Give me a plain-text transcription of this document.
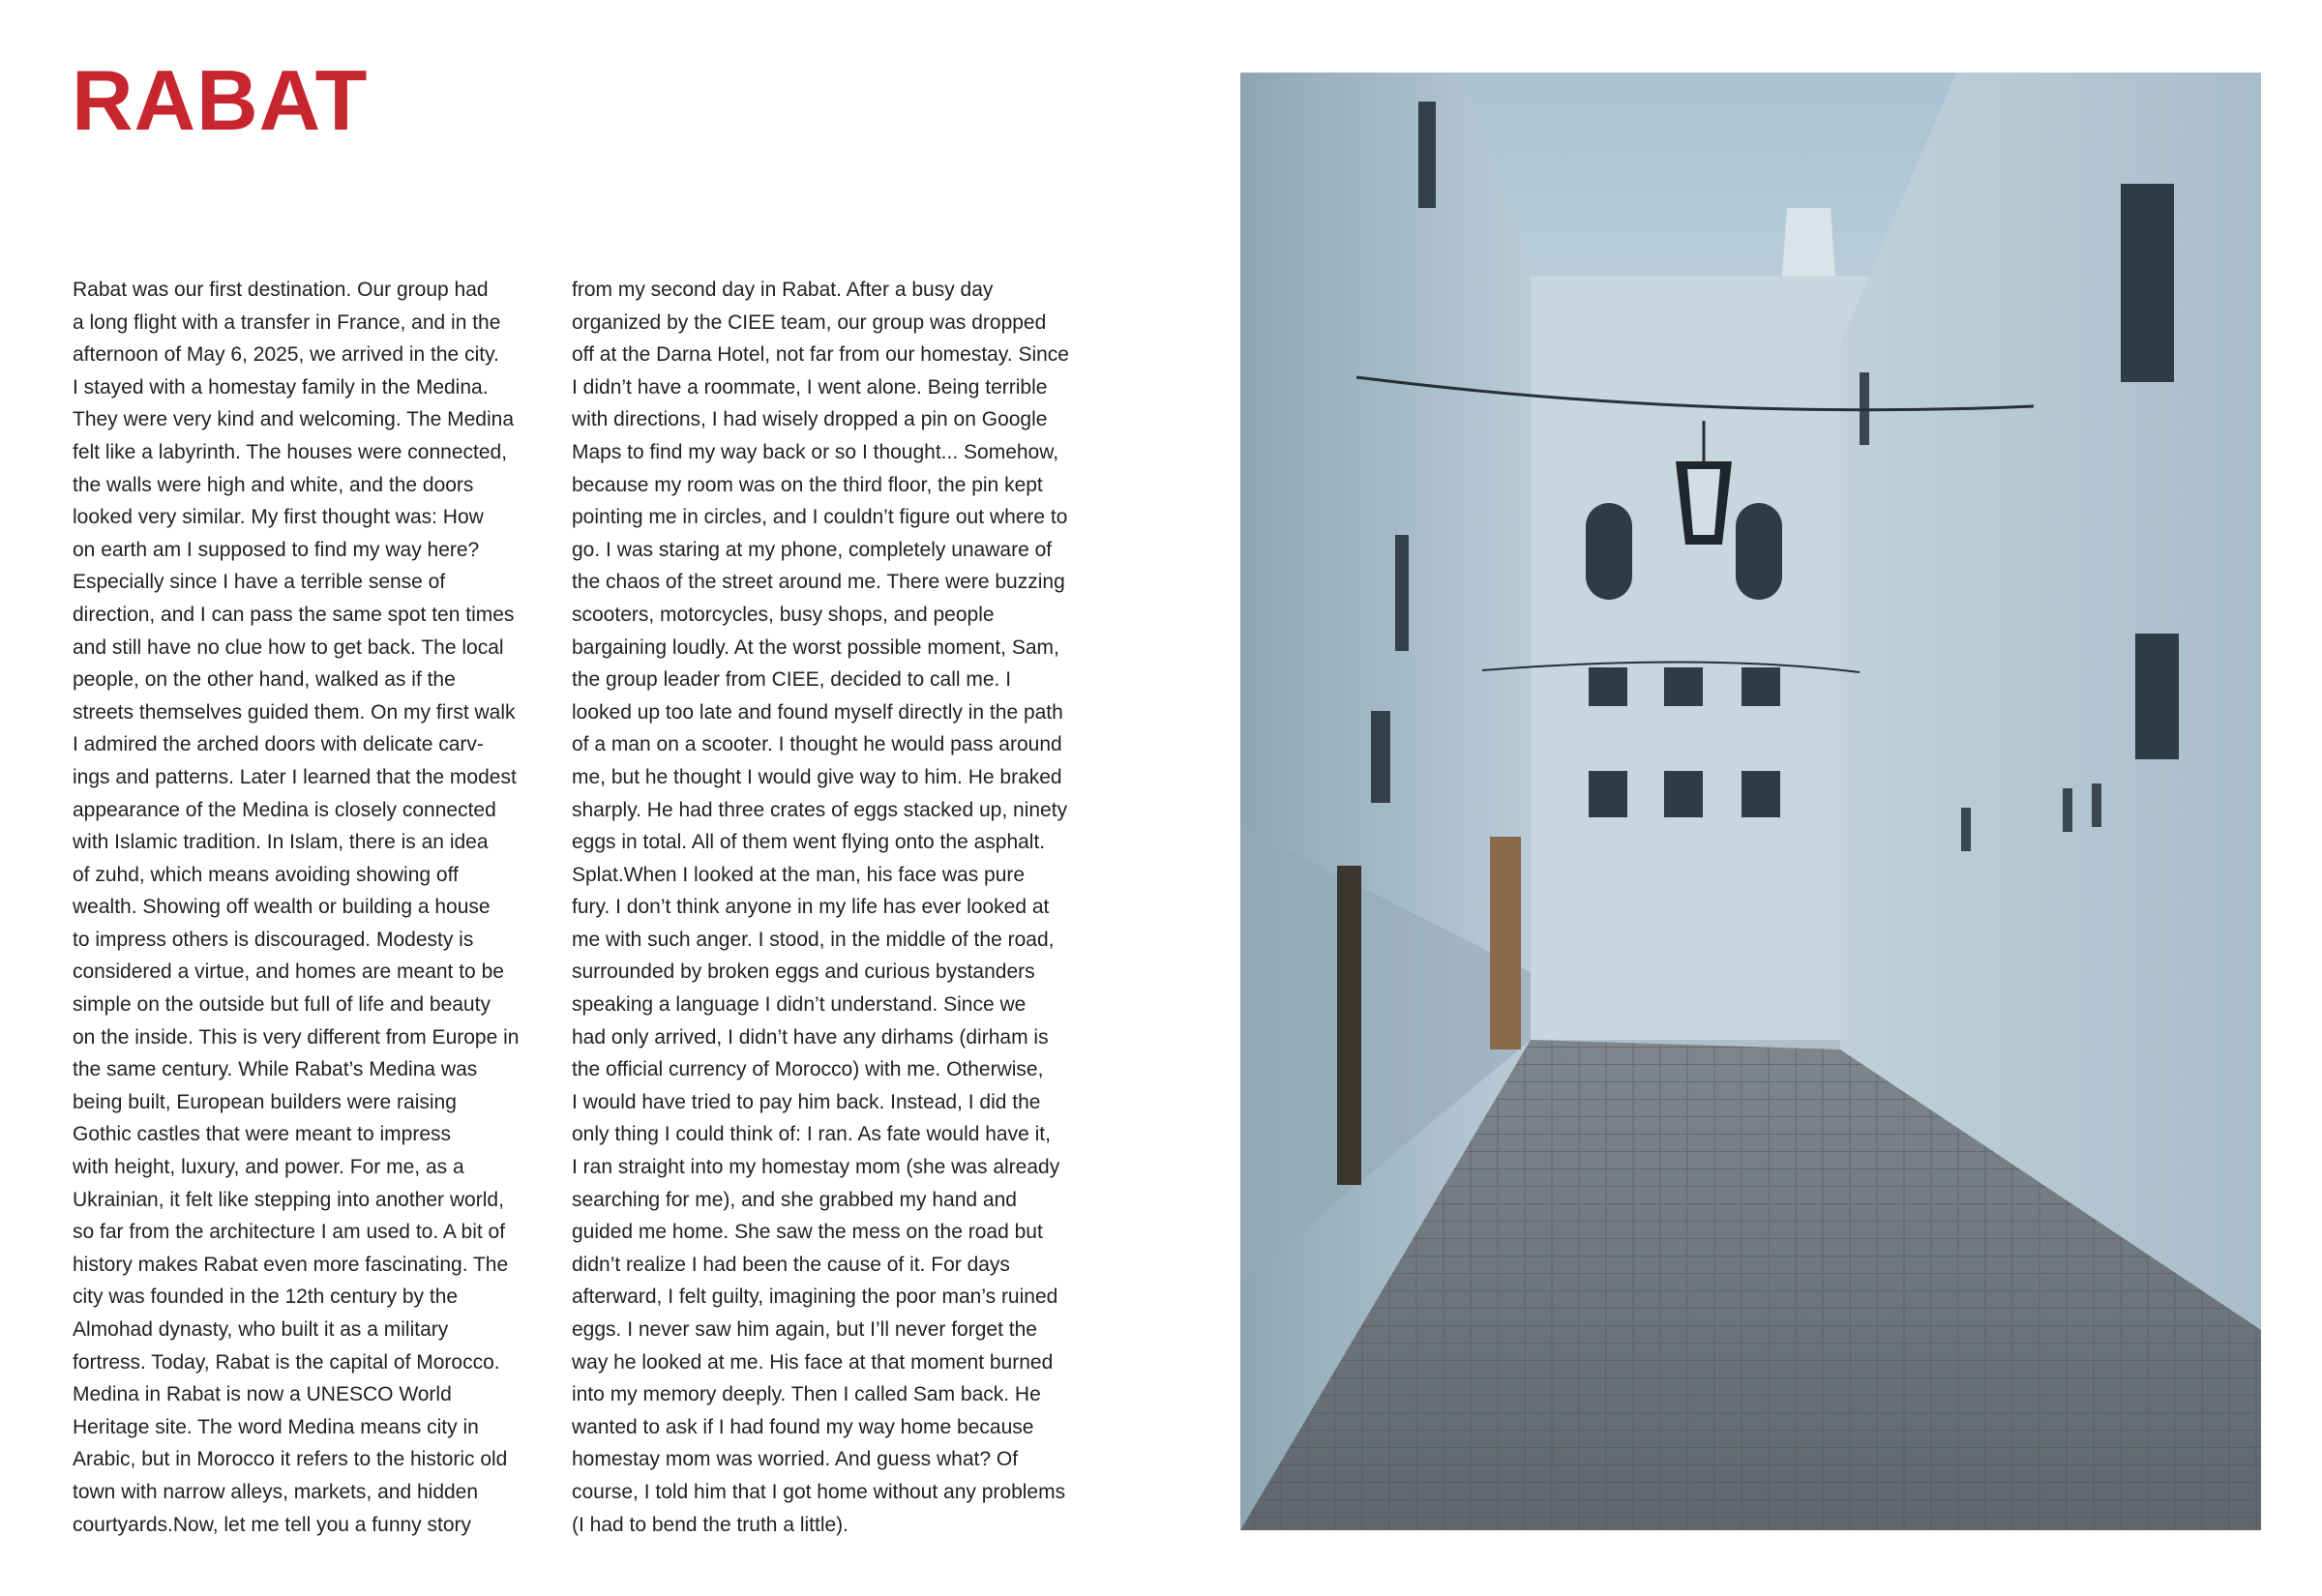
RABAT
Rabat was our first destination. Our group had
a long flight with a transfer in France, and in the
afternoon of May 6, 2025, we arrived in the city.
I stayed with a homestay family in the Medina.
They were very kind and welcoming. The Medina
felt like a labyrinth. The houses were connected,
the walls were high and white, and the doors
looked very similar. My first thought was: How
on earth am I supposed to find my way here?
Especially since I have a terrible sense of
direction, and I can pass the same spot ten times
and still have no clue how to get back. The local
people, on the other hand, walked as if the
streets themselves guided them. On my first walk
I admired the arched doors with delicate carv-
ings and patterns. Later I learned that the modest
appearance of the Medina is closely connected
with Islamic tradition. In Islam, there is an idea
of zuhd, which means avoiding showing off
wealth. Showing off wealth or building a house
to impress others is discouraged. Modesty is
considered a virtue, and homes are meant to be
simple on the outside but full of life and beauty
on the inside. This is very different from Europe in
the same century. While Rabat’s Medina was
being built, European builders were raising
Gothic castles that were meant to impress
with height, luxury, and power. For me, as a
Ukrainian, it felt like stepping into another world,
so far from the architecture I am used to. A bit of
history makes Rabat even more fascinating. The
city was founded in the 12th century by the
Almohad dynasty, who built it as a military
fortress. Today, Rabat is the capital of Morocco.
Medina in Rabat is now a UNESCO World
Heritage site. The word Medina means city in
Arabic, but in Morocco it refers to the historic old
town with narrow alleys, markets, and hidden
courtyards.Now, let me tell you a funny story
from my second day in Rabat. After a busy day
organized by the CIEE team, our group was dropped
off at the Darna Hotel, not far from our homestay. Since
I didn’t have a roommate, I went alone. Being terrible
with directions, I had wisely dropped a pin on Google
Maps to find my way back or so I thought... Somehow,
because my room was on the third floor, the pin kept
pointing me in circles, and I couldn’t figure out where to
go. I was staring at my phone, completely unaware of
the chaos of the street around me. There were buzzing
scooters, motorcycles, busy shops, and people
bargaining loudly. At the worst possible moment, Sam,
the group leader from CIEE, decided to call me. I
looked up too late and found myself directly in the path
of a man on a scooter. I thought he would pass around
me, but he thought I would give way to him. He braked
sharply. He had three crates of eggs stacked up, ninety
eggs in total. All of them went flying onto the asphalt.
Splat.When I looked at the man, his face was pure
fury. I don’t think anyone in my life has ever looked at
me with such anger. I stood, in the middle of the road,
surrounded by broken eggs and curious bystanders
speaking a language I didn’t understand. Since we
had only arrived, I didn’t have any dirhams (dirham is
the official currency of Morocco) with me. Otherwise,
I would have tried to pay him back. Instead, I did the
only thing I could think of: I ran. As fate would have it,
I ran straight into my homestay mom (she was already
searching for me), and she grabbed my hand and
guided me home. She saw the mess on the road but
didn’t realize I had been the cause of it. For days
afterward, I felt guilty, imagining the poor man’s ruined
eggs. I never saw him again, but I’ll never forget the
way he looked at me. His face at that moment burned
into my memory deeply. Then I called Sam back. He
wanted to ask if I had found my way home because
homestay mom was worried. And guess what? Of
course, I told him that I got home without any problems
(I had to bend the truth a little).
